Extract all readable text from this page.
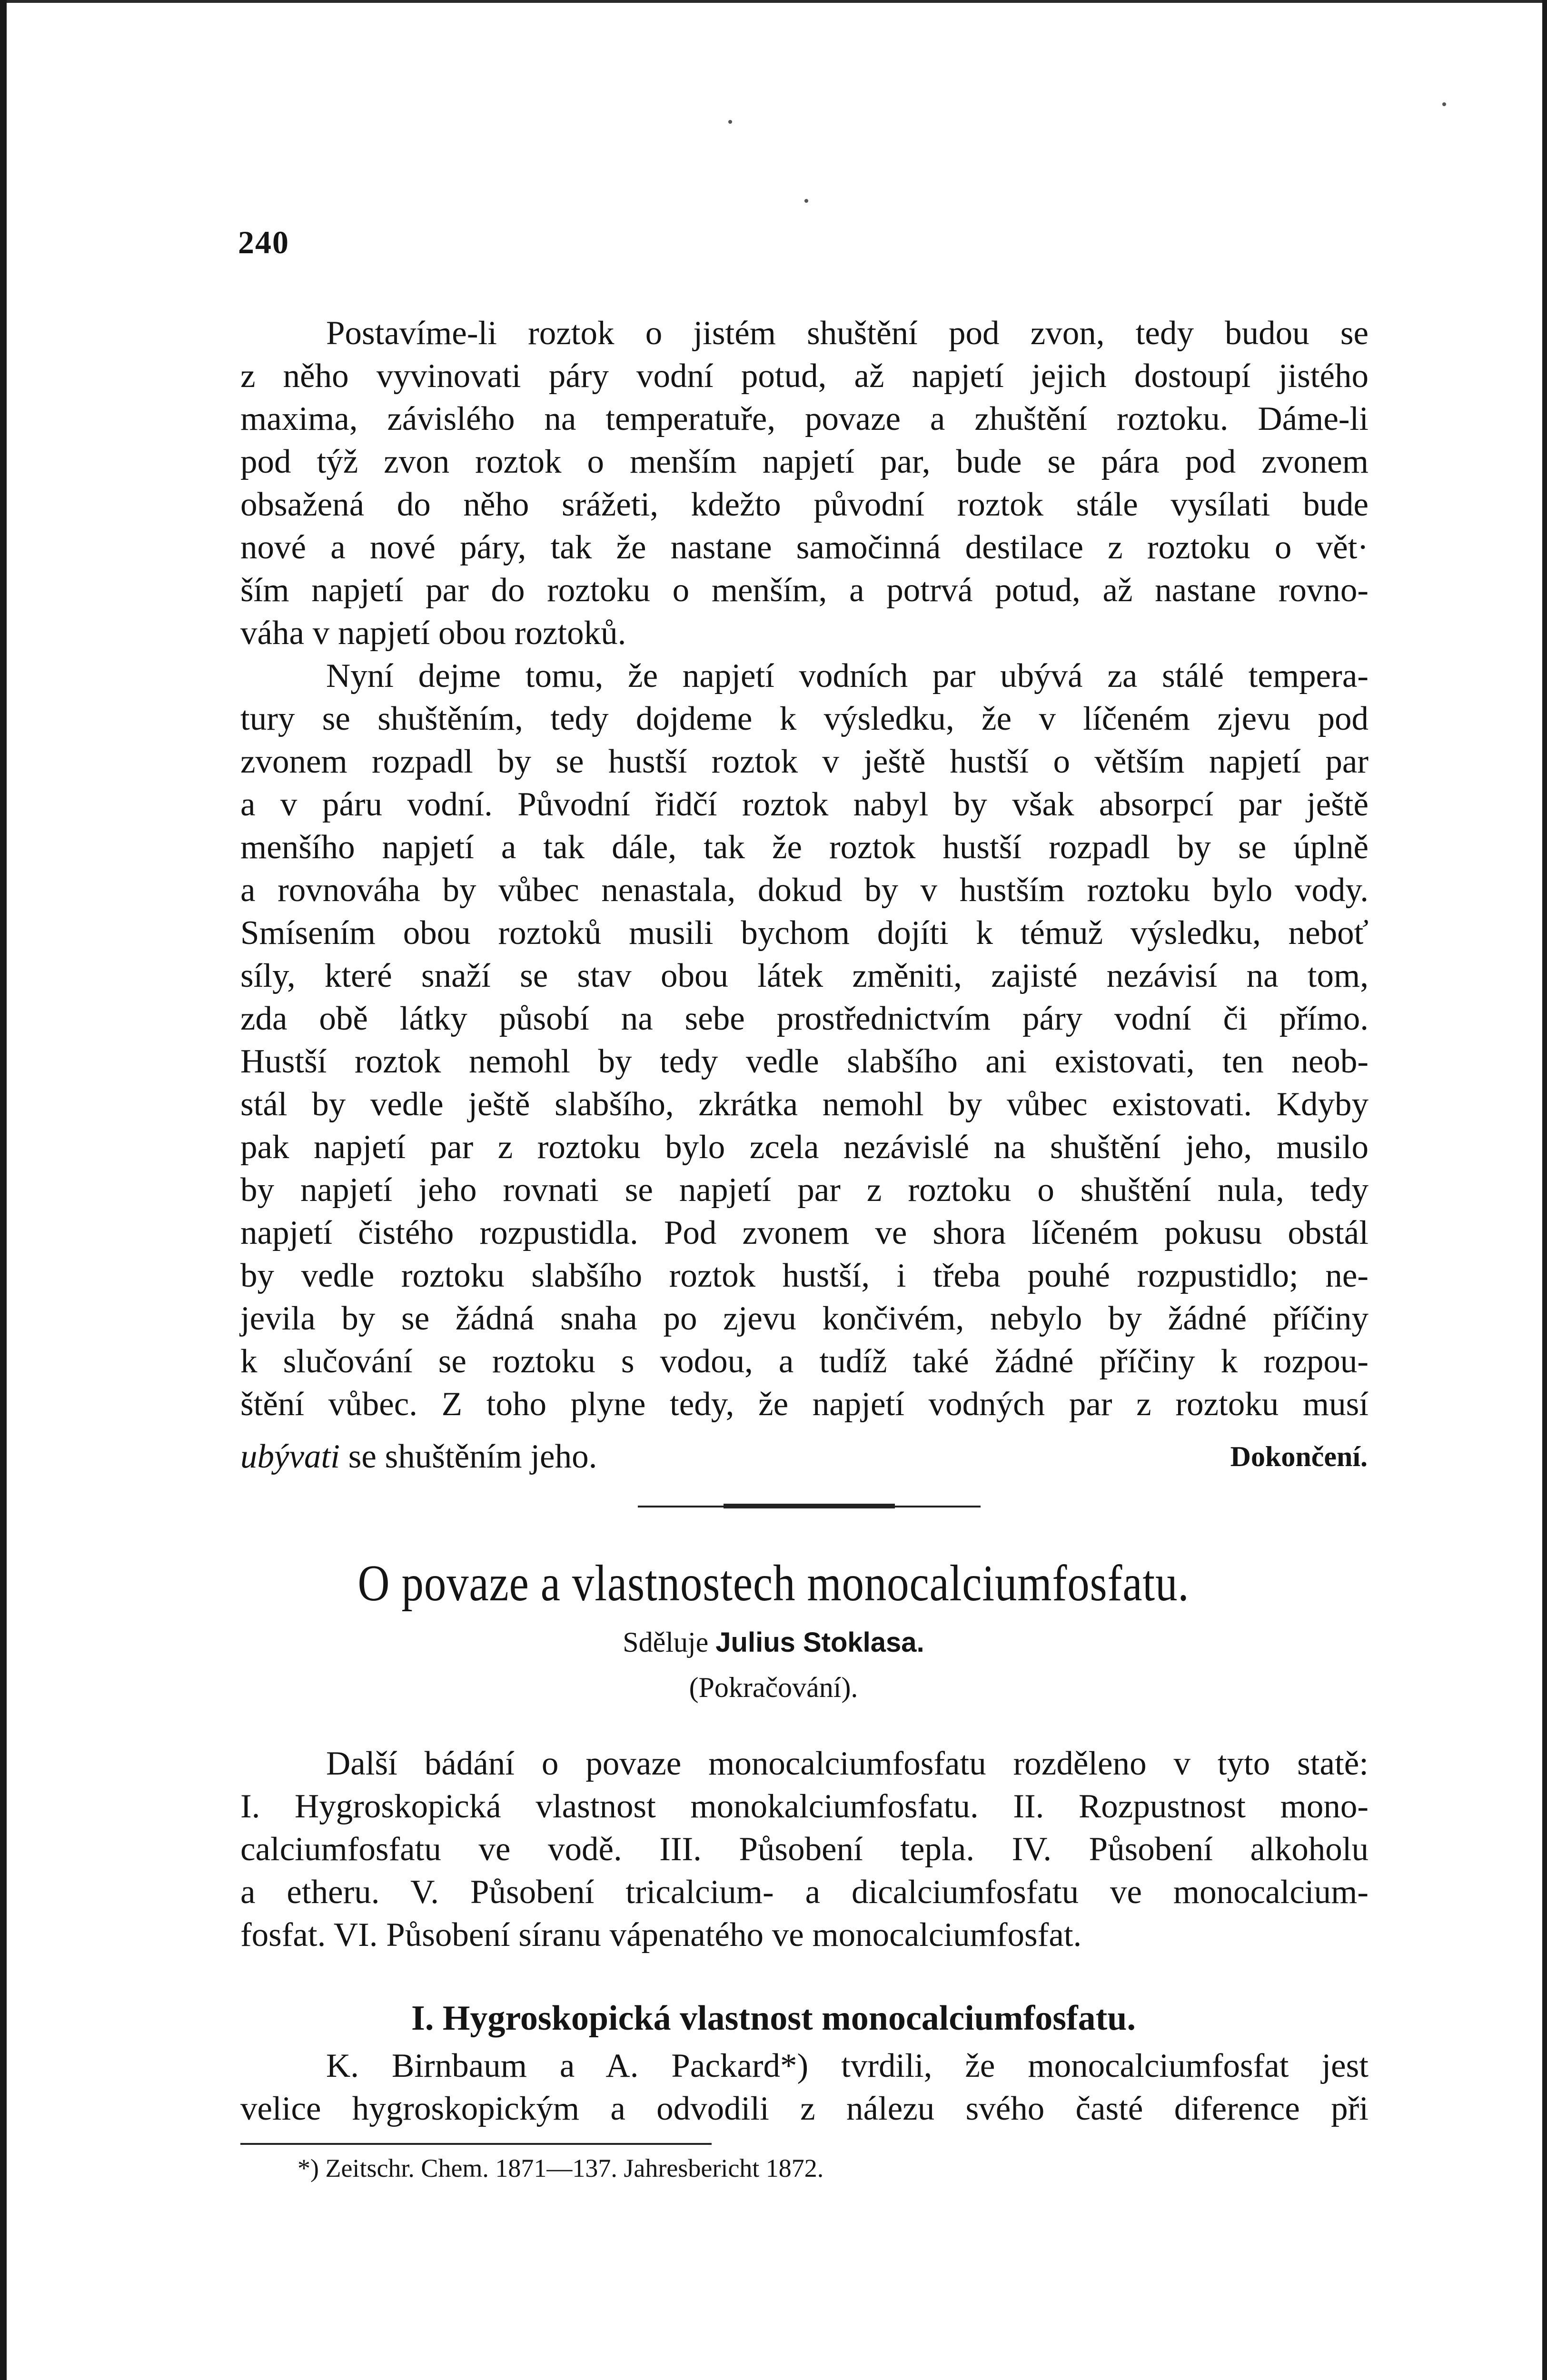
240
Postavíme-li roztok o jistém shuštění pod zvon, tedy budou se
z něho vyvinovati páry vodní potud, až napjetí jejich dostoupí jistého
maxima, závislého na temperatuře, povaze a zhuštění roztoku. Dáme-li
pod týž zvon roztok o menším napjetí par, bude se pára pod zvonem
obsažená do něho srážeti, kdežto původní roztok stále vysílati bude
nové a nové páry, tak že nastane samočinná destilace z roztoku o vět·
ším napjetí par do roztoku o menším, a potrvá potud, až nastane rovno-
váha v napjetí obou roztoků.
Nyní dejme tomu, že napjetí vodních par ubývá za stálé tempera-
tury se shuštěním, tedy dojdeme k výsledku, že v líčeném zjevu pod
zvonem rozpadl by se hustší roztok v ještě hustší o větším napjetí par
a v páru vodní. Původní řidčí roztok nabyl by však absorpcí par ještě
menšího napjetí a tak dále, tak že roztok hustší rozpadl by se úplně
a rovnováha by vůbec nenastala, dokud by v hustším roztoku bylo vody.
Smísením obou roztoků musili bychom dojíti k témuž výsledku, neboť
síly, které snaží se stav obou látek změniti, zajisté nezávisí na tom,
zda obě látky působí na sebe prostřednictvím páry vodní či přímo.
Hustší roztok nemohl by tedy vedle slabšího ani existovati, ten neob-
stál by vedle ještě slabšího, zkrátka nemohl by vůbec existovati. Kdyby
pak napjetí par z roztoku bylo zcela nezávislé na shuštění jeho, musilo
by napjetí jeho rovnati se napjetí par z roztoku o shuštění nula, tedy
napjetí čistého rozpustidla. Pod zvonem ve shora líčeném pokusu obstál
by vedle roztoku slabšího roztok hustší, i třeba pouhé rozpustidlo; ne-
jevila by se žádná snaha po zjevu končivém, nebylo by žádné příčiny
k slučování se roztoku s vodou, a tudíž také žádné příčiny k rozpou-
štění vůbec. Z toho plyne tedy, že napjetí vodných par z roztoku musí
ubývati se shuštěním jeho.	Dokončení.
O povaze a vlastnostech monocalciumfosfatu.
Sděluje Julius Stoklasa.
(Pokračování).
Další bádání o povaze monocalciumfosfatu rozděleno v tyto statě:
I. Hygroskopická vlastnost monokalciumfosfatu. II. Rozpustnost mono-
calciumfosfatu ve vodě. III. Působení tepla. IV. Působení alkoholu
a etheru. V. Působení tricalcium- a dicalciumfosfatu ve monocalcium-
fosfat. VI. Působení síranu vápenatého ve monocalciumfosfat.
I. Hygroskopická vlastnost monocalciumfosfatu.
K. Birnbaum a A. Packard*) tvrdili, že monocalciumfosfat jest
velice hygroskopickým a odvodili z nálezu svého časté diference při
*) Zeitschr. Chem. 1871—137. Jahresbericht 1872.
